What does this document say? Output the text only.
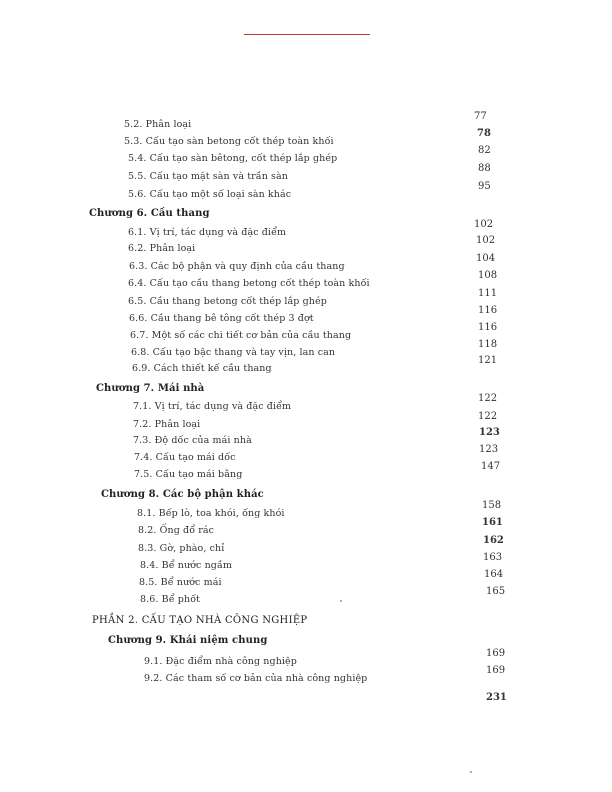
5.2. Phân loại
77
5.3. Cấu tạo sàn betong cốt thép toàn khối
78
5.4. Cấu tạo sàn bêtong, cốt thép lắp ghép
82
5.5. Cấu tạo mặt sàn và trần sàn
88
5.6. Cấu tạo một số loại sàn khác
95
Chương 6. Cầu thang
6.1. Vị trí, tác dụng và đặc điểm
102
6.2. Phân loại
102
6.3. Các bộ phận và quy định của cầu thang
104
6.4. Cấu tạo cầu thang betong cốt thép toàn khối
108
6.5. Cầu thang betong cốt thép lắp ghép
111
6.6. Cầu thang bê tông cốt thép 3 đợt
116
6.7. Một số các chi tiết cơ bản của cầu thang
116
6.8. Cấu tạo bậc thang và tay vịn, lan can
118
6.9. Cách thiết kế cầu thang
121
Chương 7. Mái nhà
7.1. Vị trí, tác dụng và đặc điểm
122
7.2. Phân loại
122
7.3. Độ dốc của mái nhà
123
7.4. Cấu tạo mái dốc
123
7.5. Cấu tạo mái bằng
147
Chương 8. Các bộ phận khác
8.1. Bếp lò, toa khói, ống khói
158
8.2. Ống đổ rác
161
8.3. Gờ, phào, chỉ
162
8.4. Bể nước ngầm
163
8.5. Bể nước mái
164
8.6. Bể phốt
165
PHẦN 2. CẤU TẠO NHÀ CÔNG NGHIỆP
Chương 9. Khái niệm chung
9.1. Đặc điểm nhà công nghiệp
169
9.2. Các tham số cơ bản của nhà công nghiệp
169
231
